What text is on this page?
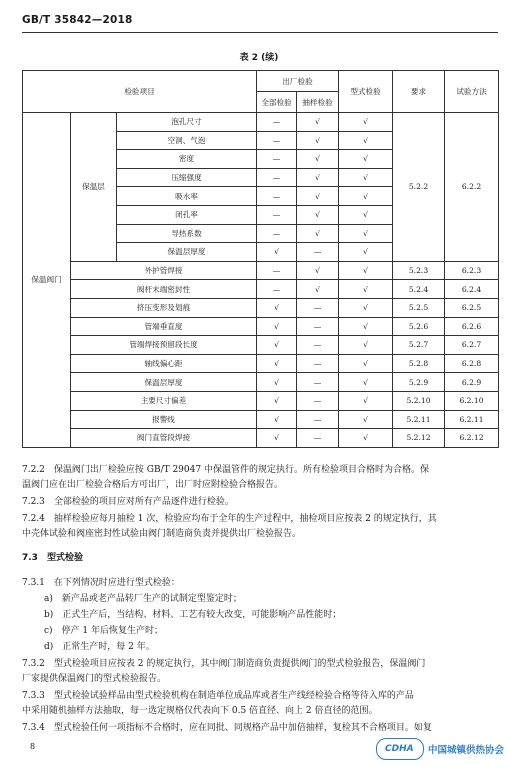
GB/T 35842—2018
表 2 (续)
检验项目			出厂检验		型式检验	要求	试验方法
			全部检验	抽样检验			
保温阀门	保温层	泡孔尺寸	—	√	√	5.2.2	6.2.2
		空洞、气泡	—	√	√		
		密度	—	√	√		
		压缩强度	—	√	√		
		吸水率	—	√	√		
		闭孔率	—	√	√		
		导热系数	—	√	√		
		保温层厚度	√	—	√		
	外护管焊接		—	√	√	5.2.3	6.2.3
	阀杆末端密封性		—	√	√	5.2.4	6.2.4
	挤压变形及划痕		√	—	√	5.2.5	6.2.5
	管端垂直度		√	—	√	5.2.6	6.2.6
	管端焊接预留段长度		√	—	√	5.2.7	6.2.7
	轴线偏心距		√	—	√	5.2.8	6.2.8
	保温层厚度		√	—	√	5.2.9	6.2.9
	主要尺寸偏差		√	—	√	5.2.10	6.2.10
	报警线		√	—	√	5.2.11	6.2.11
	阀门直管段焊接		√	—	√	5.2.12	6.2.12
7.2.2　保温阀门出厂检验应按 GB/T 29047 中保温管件的规定执行。所有检验项目合格时为合格。保
温阀门应在出厂检验合格后方可出厂，出厂时应附检验合格报告。
7.2.3　全部检验的项目应对所有产品逐件进行检验。
7.2.4　抽样检验应每月抽检 1 次，检验应均布于全年的生产过程中，抽检项目应按表 2 的规定执行，其
中壳体试验和阀座密封性试验由阀门制造商负责并提供出厂检验报告。
7.3　 型式检验
7.3.1　在下列情况时应进行型式检验：
a)　新产品或老产品转厂生产的试制定型鉴定时；
b)　正式生产后，当结构、材料、工艺有较大改变，可能影响产品性能时；
c)　停产 1 年后恢复生产时；
d)　正常生产时，每 2 年。
7.3.2　型式检验项目应按表 2 的规定执行，其中阀门制造商负责提供阀门的型式检验报告，保温阀门
厂家提供保温阀门的型式检验报告。
7.3.3　型式检验试验样品由型式检验机构在制造单位成品库或者生产线经检验合格等待入库的产品
中采用随机抽样方法抽取，每一选定规格仅代表向下 0.5 倍直径、向上 2 倍直径的范围。
7.3.4　型式检验任何一项指标不合格时，应在同批、同规格产品中加倍抽样，复检其不合格项目。如复
8	CDHA 中国城镇供热协会
